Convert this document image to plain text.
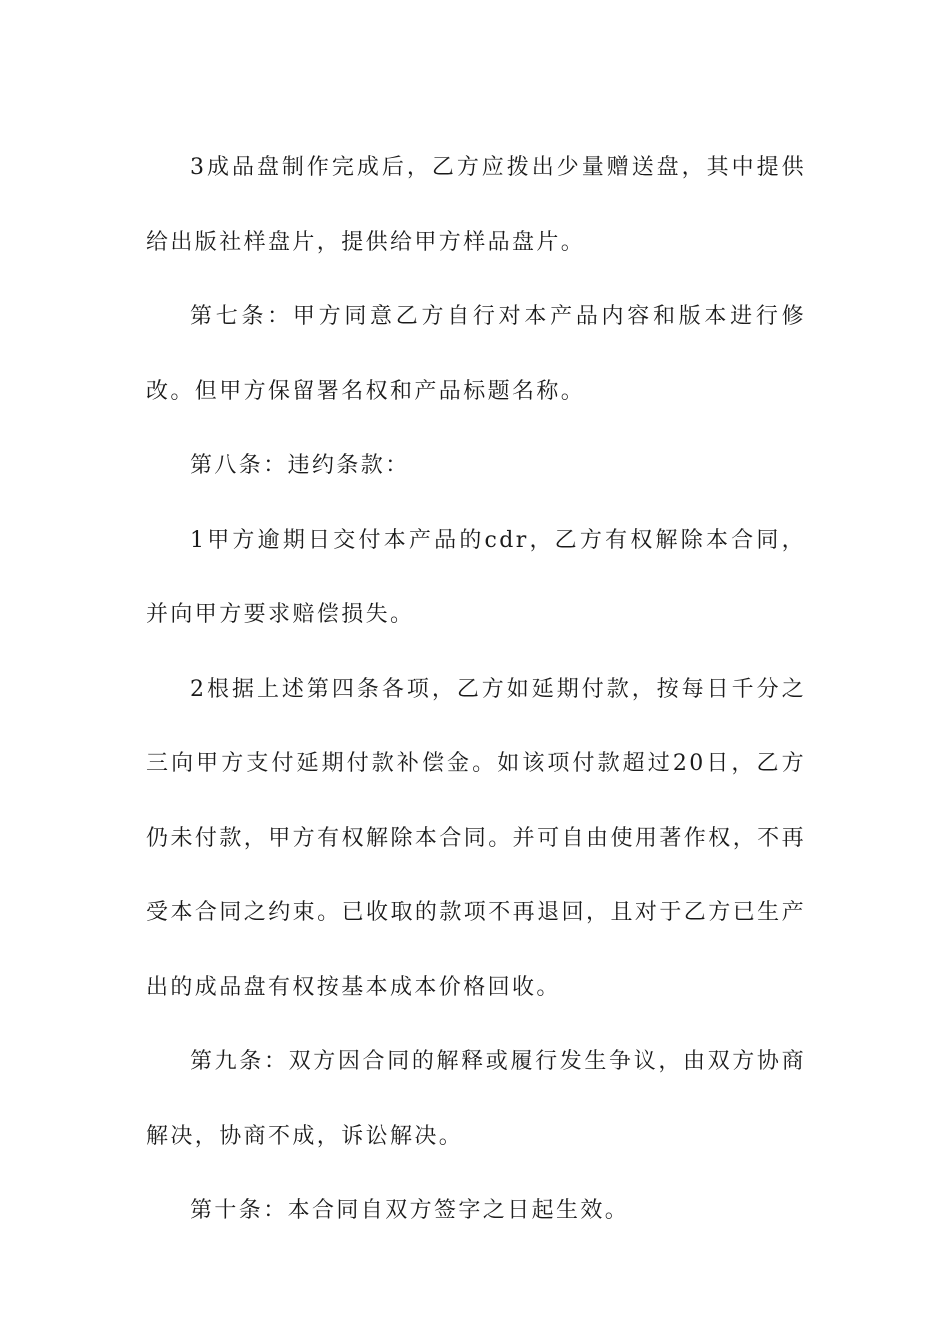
3成品盘制作完成后，乙方应拨出少量赠送盘，其中提供给出版社样盘片，提供给甲方样品盘片。

第七条：甲方同意乙方自行对本产品内容和版本进行修改。但甲方保留署名权和产品标题名称。

第八条：违约条款：

1甲方逾期日交付本产品的cdr，乙方有权解除本合同，并向甲方要求赔偿损失。

2根据上述第四条各项，乙方如延期付款，按每日千分之三向甲方支付延期付款补偿金。如该项付款超过20日，乙方仍未付款，甲方有权解除本合同。并可自由使用著作权，不再受本合同之约束。已收取的款项不再退回，且对于乙方已生产出的成品盘有权按基本成本价格回收。

第九条：双方因合同的解释或履行发生争议，由双方协商解决，协商不成，诉讼解决。

第十条：本合同自双方签字之日起生效。
